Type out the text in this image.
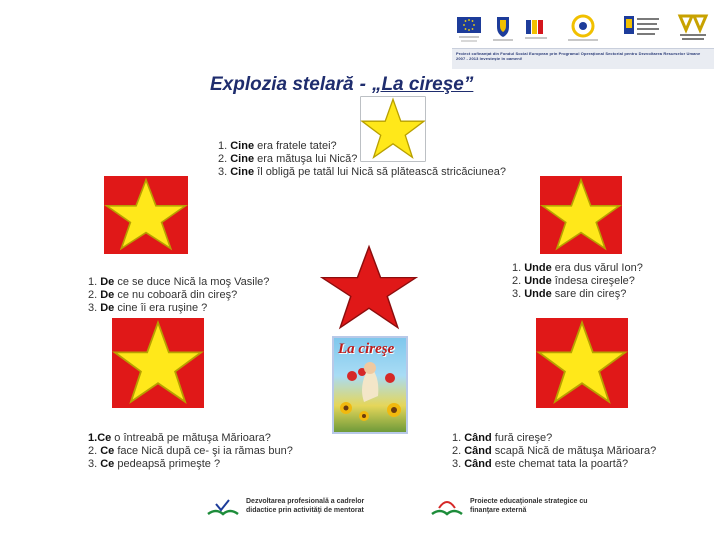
Proiect cofinanţat din Fondul Social European prin Programul Operaţional Sectorial pentru Dezvoltarea Resurselor Umane 2007 - 2013 Investeşte în oameni!
Explozia stelară - „La cireşe”
1. Cine era fratele tatei?
2. Cine era mătuşa lui Nică?
3. Cine îl obligă pe tatăl lui Nică să plătească stricăciunea?
1. De ce se duce Nică la moş Vasile?
2. De ce nu coboară din cireş?
3. De cine îi era ruşine ?
1. Unde era dus vărul Ion?
2. Unde îndesa cireşele?
3. Unde sare din cireş?
1.Ce o întreabă pe mătuşa Mărioara?
2. Ce face Nică după ce- şi ia rămas bun?
3. Ce pedeapsă primeşte ?
1. Când fură cireşe?
2. Când scapă Nică de mătuşa Mărioara?
3. Când este chemat tata la poartă?
La cireşe
Dezvoltarea profesională a cadrelor didactice prin activităţi de mentorat
Proiecte educaţionale strategice cu finanţare externă
